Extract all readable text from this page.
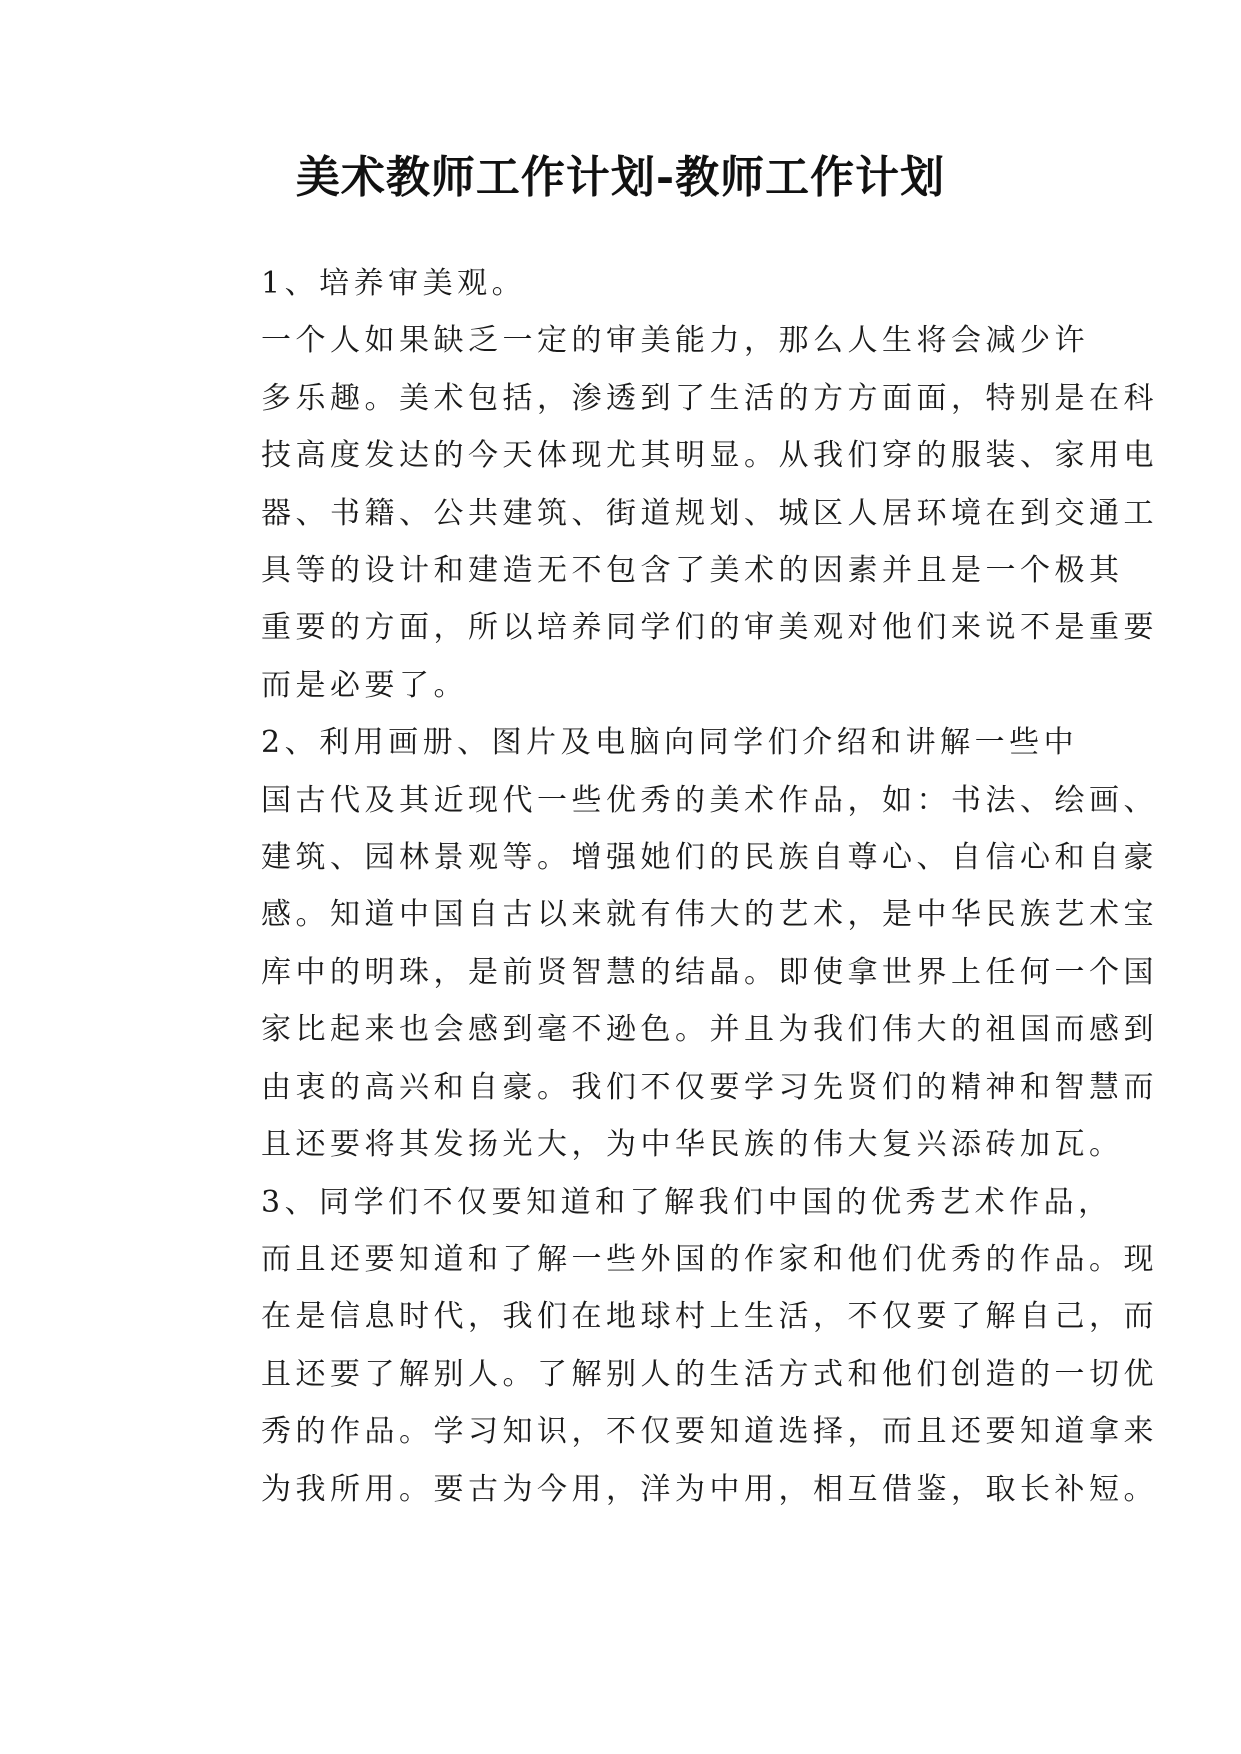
美术教师工作计划-教师工作计划

1、培养审美观。

一个人如果缺乏一定的审美能力，那么人生将会减少许
多乐趣。美术包括，渗透到了生活的方方面面，特别是在科
技高度发达的今天体现尤其明显。从我们穿的服装、家用电
器、书籍、公共建筑、街道规划、城区人居环境在到交通工
具等的设计和建造无不包含了美术的因素并且是一个极其
重要的方面，所以培养同学们的审美观对他们来说不是重要
而是必要了。

2、利用画册、图片及电脑向同学们介绍和讲解一些中
国古代及其近现代一些优秀的美术作品，如：书法、绘画、
建筑、园林景观等。增强她们的民族自尊心、自信心和自豪
感。知道中国自古以来就有伟大的艺术，是中华民族艺术宝
库中的明珠，是前贤智慧的结晶。即使拿世界上任何一个国
家比起来也会感到毫不逊色。并且为我们伟大的祖国而感到
由衷的高兴和自豪。我们不仅要学习先贤们的精神和智慧而
且还要将其发扬光大，为中华民族的伟大复兴添砖加瓦。

3、同学们不仅要知道和了解我们中国的优秀艺术作品，
而且还要知道和了解一些外国的作家和他们优秀的作品。现
在是信息时代，我们在地球村上生活，不仅要了解自己，而
且还要了解别人。了解别人的生活方式和他们创造的一切优
秀的作品。学习知识，不仅要知道选择，而且还要知道拿来
为我所用。要古为今用，洋为中用，相互借鉴，取长补短。
